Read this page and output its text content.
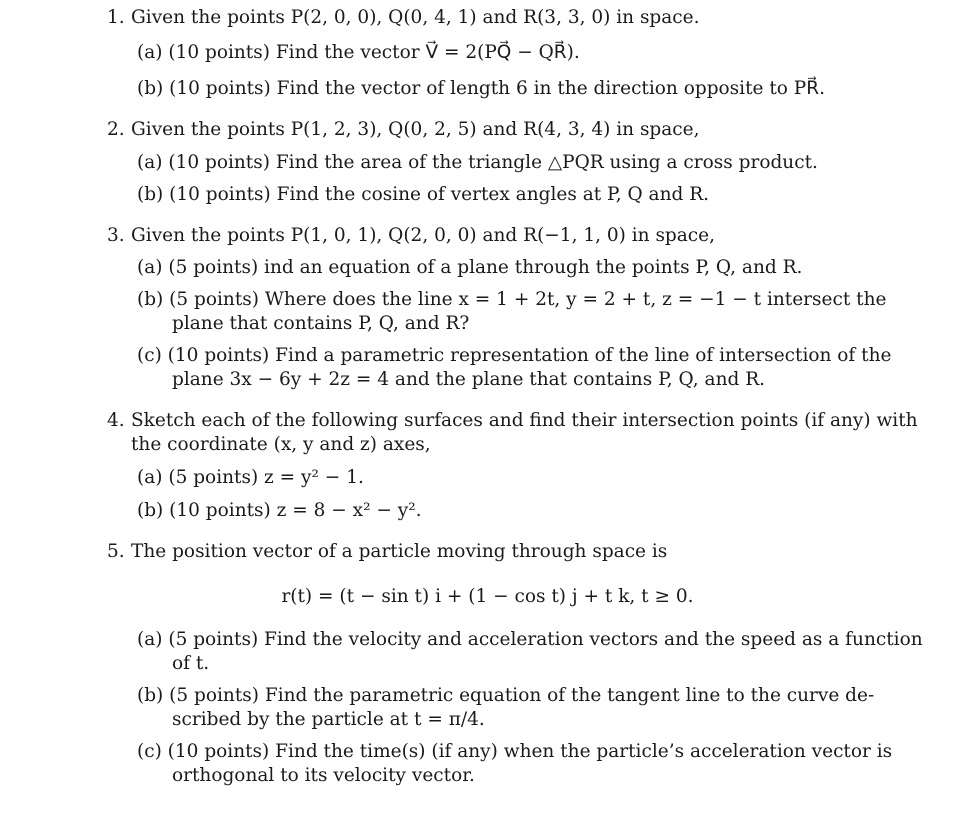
1. Given the points P(2, 0, 0), Q(0, 4, 1) and R(3, 3, 0) in space.
(a) (10 points) Find the vector V⃗ = 2(PQ⃗ − QR⃗).
(b) (10 points) Find the vector of length 6 in the direction opposite to PR⃗.
2. Given the points P(1, 2, 3), Q(0, 2, 5) and R(4, 3, 4) in space,
(a) (10 points) Find the area of the triangle △PQR using a cross product.
(b) (10 points) Find the cosine of vertex angles at P, Q and R.
3. Given the points P(1, 0, 1), Q(2, 0, 0) and R(−1, 1, 0) in space,
(a) (5 points) ind an equation of a plane through the points P, Q, and R.
(b) (5 points) Where does the line x = 1 + 2t, y = 2 + t, z = −1 − t intersect the
plane that contains P, Q, and R?
(c) (10 points) Find a parametric representation of the line of intersection of the
plane 3x − 6y + 2z = 4 and the plane that contains P, Q, and R.
4. Sketch each of the following surfaces and find their intersection points (if any) with
the coordinate (x, y and z) axes,
(a) (5 points) z = y² − 1.
(b) (10 points) z = 8 − x² − y².
5. The position vector of a particle moving through space is
r(t) = (t − sin t) i + (1 − cos t) j + t k, t ≥ 0.
(a) (5 points) Find the velocity and acceleration vectors and the speed as a function
of t.
(b) (5 points) Find the parametric equation of the tangent line to the curve de-
scribed by the particle at t = π/4.
(c) (10 points) Find the time(s) (if any) when the particle’s acceleration vector is
orthogonal to its velocity vector.
